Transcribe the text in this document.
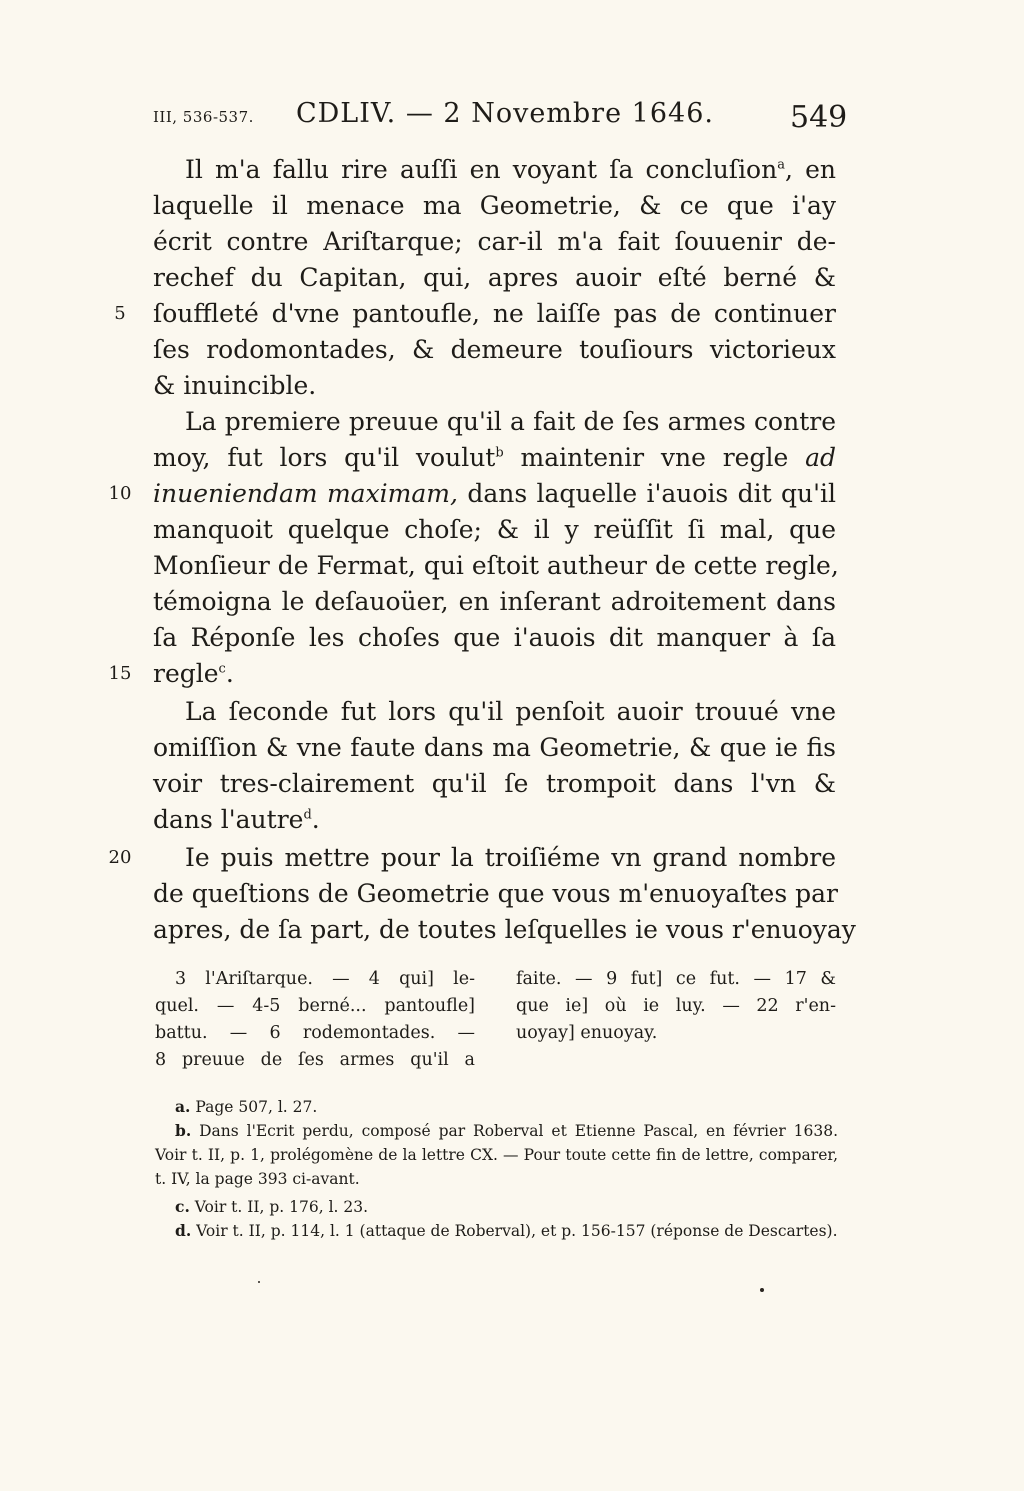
III, 536-537. CDLIV. — 2 Novembre 1646.	549
Il m'a fallu rire auſſi en voyant ſa concluſion$^a$, en
laquelle il menace ma Geometrie, & ce que i'ay
écrit contre Ariſtarque; car-il m'a fait ſouuenir de-
rechef du Capitan, qui, apres auoir eſté berné &
ſouffleté d'vne pantoufle, ne laiſſe pas de continuer
ſes rodomontades, & demeure touſiours victorieux
& inuincible.
La premiere preuue qu'il a fait de ſes armes contre
moy, fut lors qu'il voulut$^b$ maintenir vne regle ad
inueniendam maximam, dans laquelle i'auois dit qu'il
manquoit quelque choſe; & il y reüſſit ſi mal, que
Monſieur de Fermat, qui eſtoit autheur de cette regle,
témoigna le deſauoüer, en inſerant adroitement dans
ſa Réponſe les choſes que i'auois dit manquer à ſa
regle$^c$.
La ſeconde fut lors qu'il penſoit auoir trouué vne
omiſſion & vne faute dans ma Geometrie, & que ie fis
voir tres-clairement qu'il ſe trompoit dans l'vn &
dans l'autre$^d$.
Ie puis mettre pour la troiſiéme vn grand nombre
de queſtions de Geometrie que vous m'enuoyaſtes par
apres, de ſa part, de toutes leſquelles ie vous r'enuoyay
5
10
15
20
3 l'Ariſtarque. — 4 qui] le-
quel. — 4-5 berné... pantoufle]
battu. — 6 rodemontades. —
8 preuue de ſes armes qu'il a
faite. — 9 fut] ce fut. — 17 &
que ie] où ie luy. — 22 r'en-
uoyay] enuoyay.
a. Page 507, l. 27.
b. Dans l'Ecrit perdu, composé par Roberval et Etienne Pascal, en février 1638. Voir t. II, p. 1, prolégomène de la lettre CX. — Pour toute cette fin de lettre, comparer, t. IV, la page 393 ci-avant.
c. Voir t. II, p. 176, l. 23.
d. Voir t. II, p. 114, l. 1 (attaque de Roberval), et p. 156-157 (réponse de Descartes).
